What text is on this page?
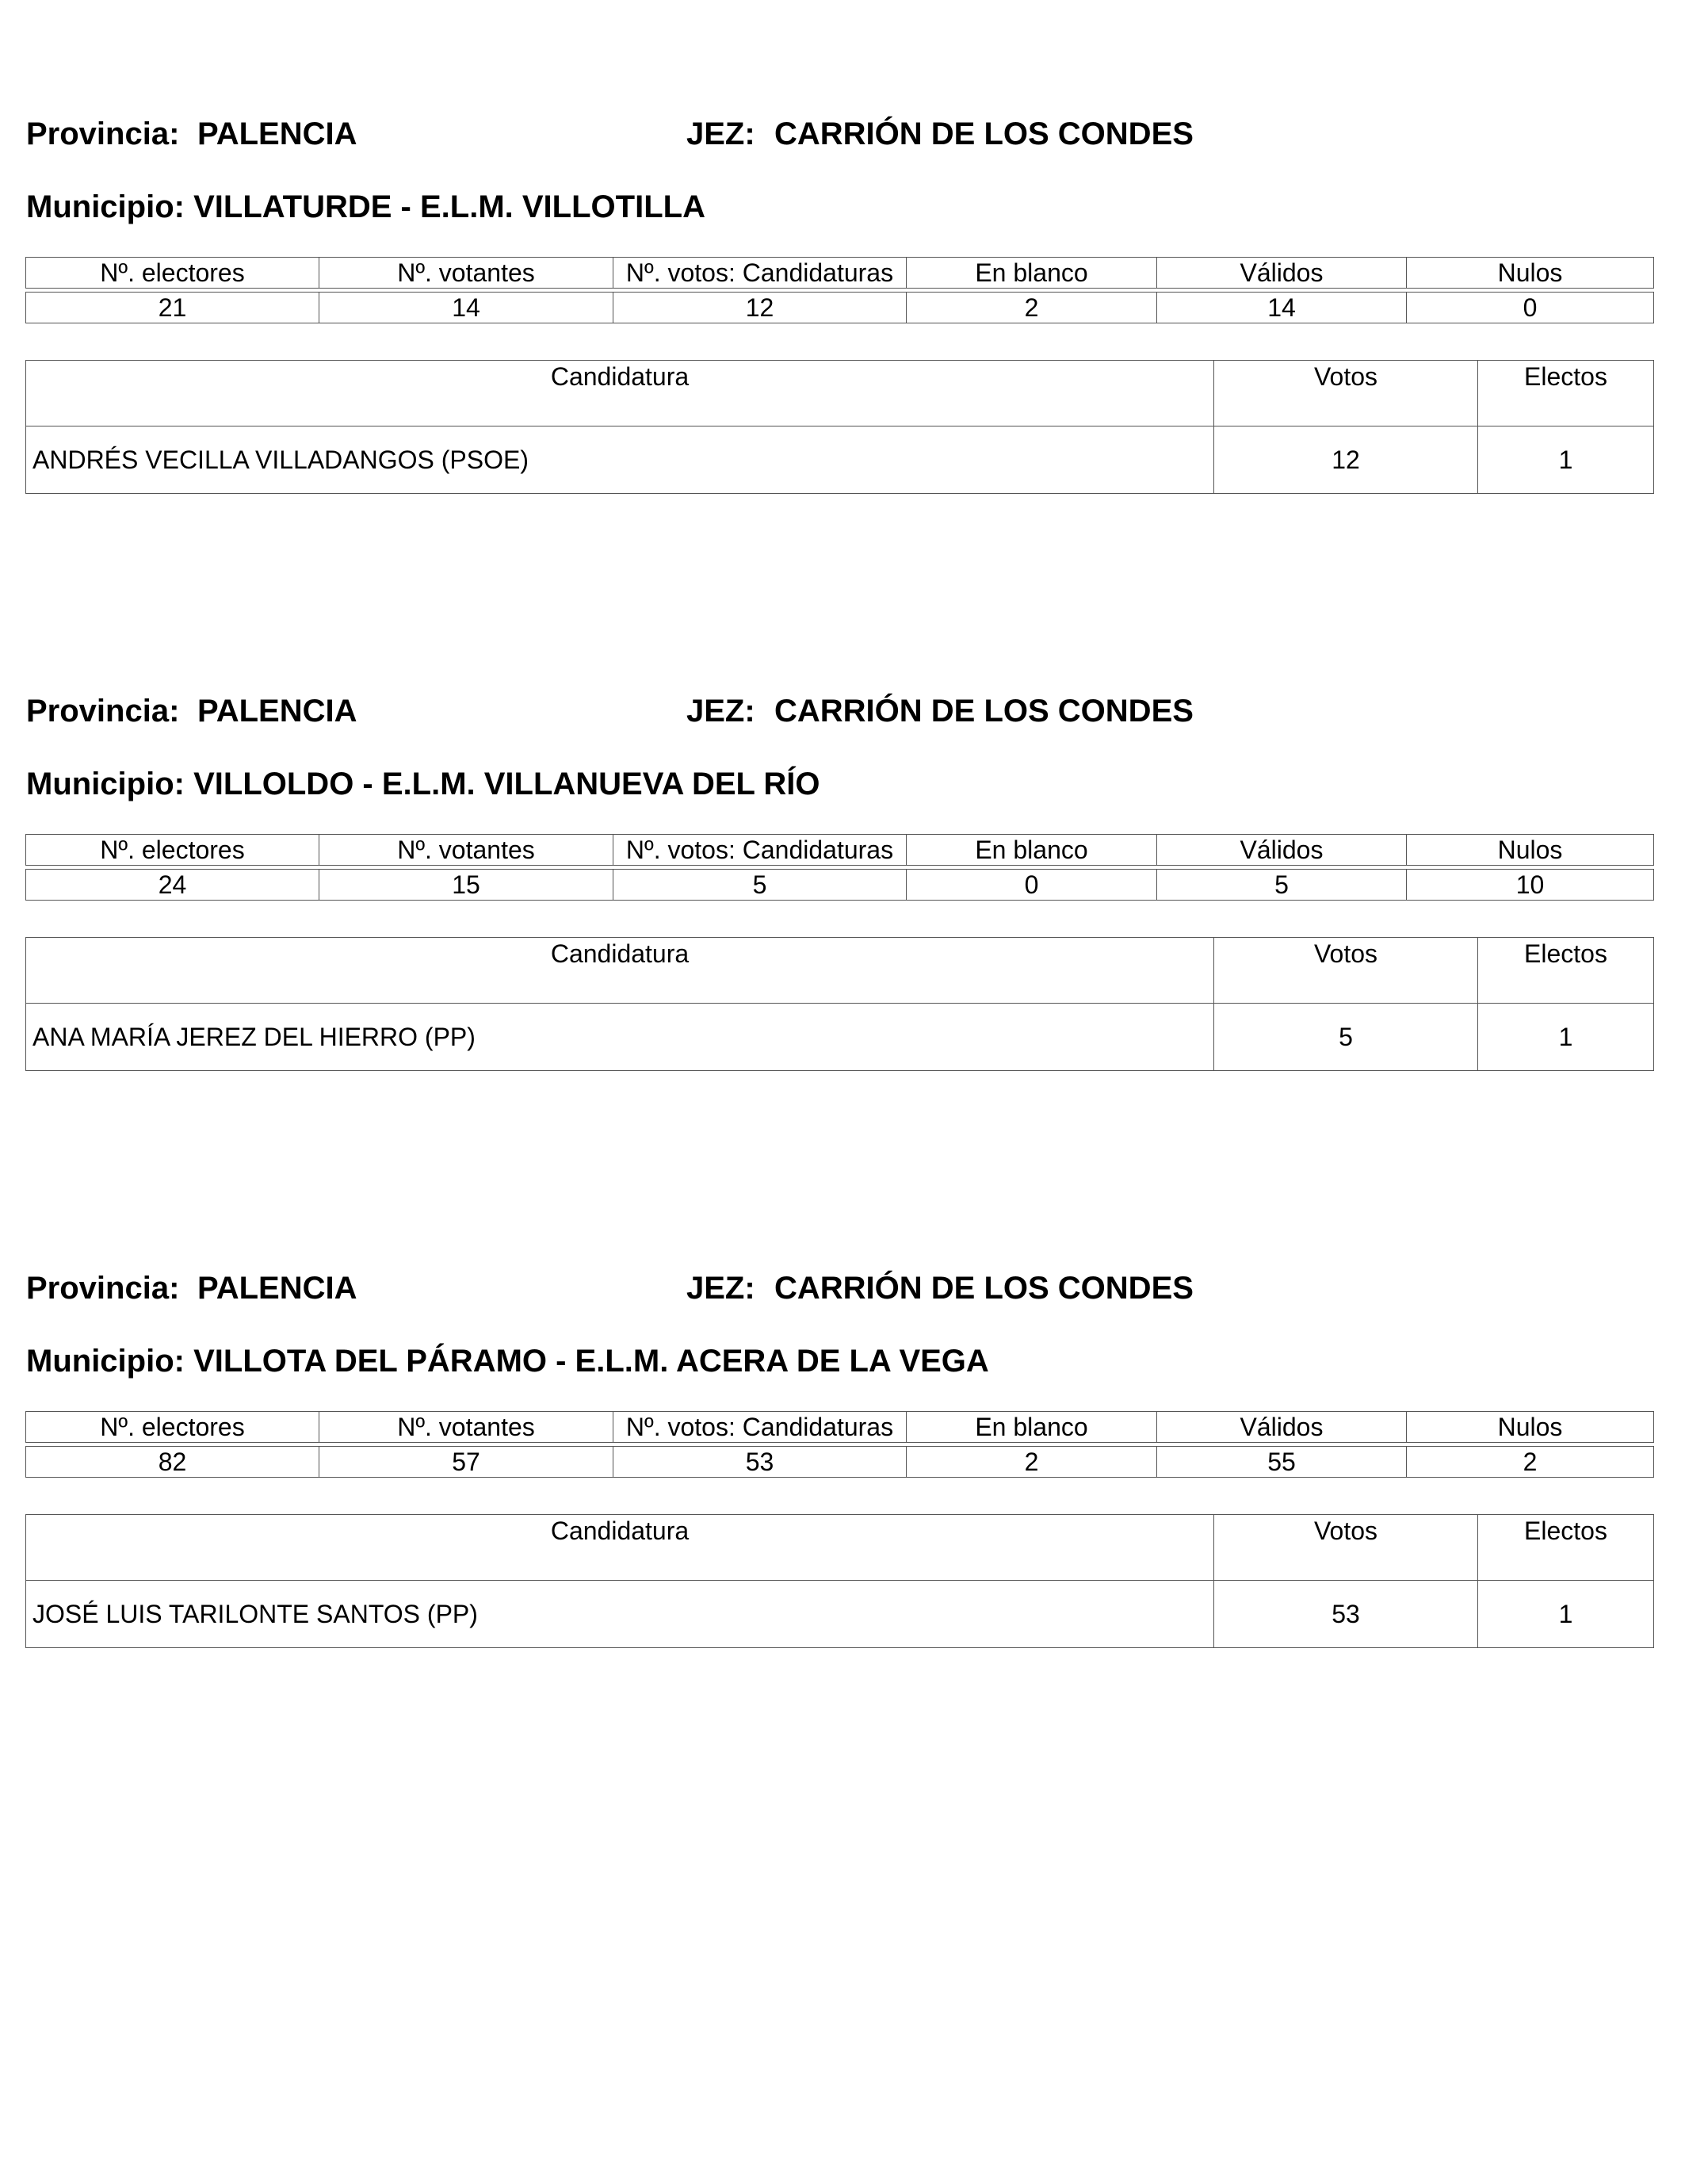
Provincia: PALENCIA	JEZ: CARRIÓN DE LOS CONDES
Municipio: VILLATURDE - E.L.M. VILLOTILLA
Nº. electores	Nº. votantes	Nº. votos: Candidaturas	En blanco	Válidos	Nulos

21	14	12	2	14	0
Candidatura	Votos	Electos
ANDRÉS VECILLA VILLADANGOS (PSOE)	12	1
Provincia: PALENCIA	JEZ: CARRIÓN DE LOS CONDES
Municipio: VILLOLDO - E.L.M. VILLANUEVA DEL RÍO
Nº. electores	Nº. votantes	Nº. votos: Candidaturas	En blanco	Válidos	Nulos

24	15	5	0	5	10
Candidatura	Votos	Electos
ANA MARÍA JEREZ DEL HIERRO (PP)	5	1
Provincia: PALENCIA	JEZ: CARRIÓN DE LOS CONDES
Municipio: VILLOTA DEL PÁRAMO - E.L.M. ACERA DE LA VEGA
Nº. electores	Nº. votantes	Nº. votos: Candidaturas	En blanco	Válidos	Nulos

82	57	53	2	55	2
Candidatura	Votos	Electos
JOSÉ LUIS TARILONTE SANTOS (PP)	53	1
